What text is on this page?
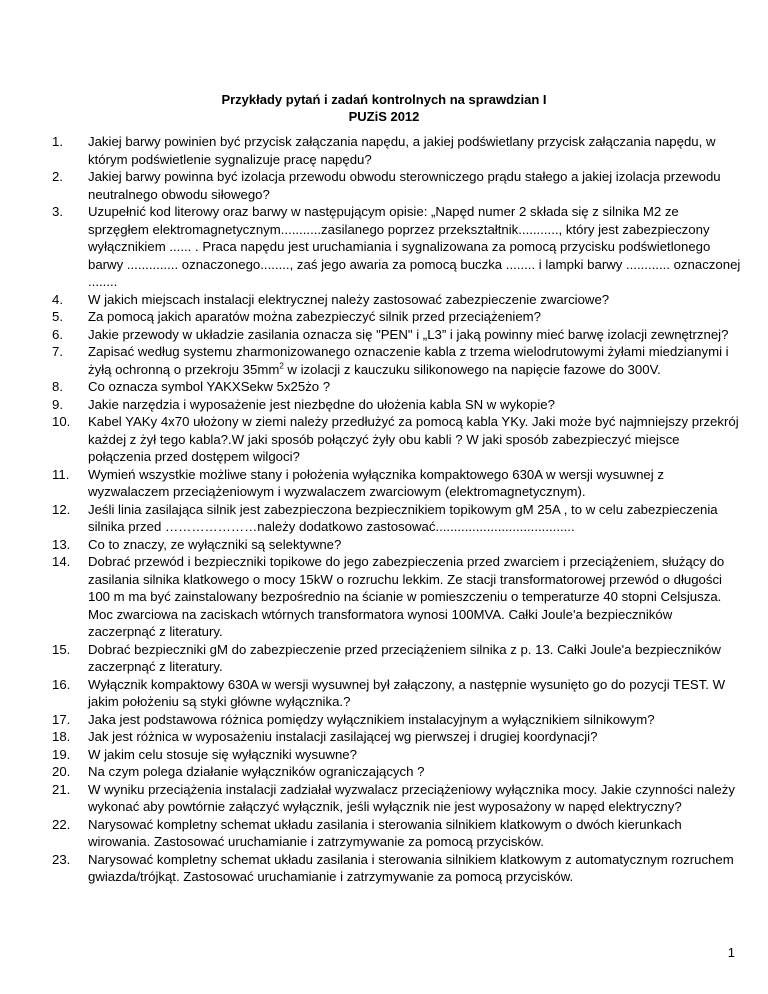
Przykłady pytań i zadań kontrolnych na sprawdzian I
PUZiS 2012
1.	Jakiej barwy powinien być przycisk załączania napędu, a jakiej podświetlany przycisk załączania napędu, w którym podświetlenie sygnalizuje pracę napędu?
2.	Jakiej barwy powinna być izolacja przewodu obwodu sterowniczego prądu stałego a jakiej izolacja przewodu neutralnego obwodu siłowego?
3.	Uzupełnić kod literowy oraz barwy w następującym opisie: „Napęd numer 2 składa się z silnika M2 ze sprzęgłem elektromagnetycznym...........zasilanego poprzez przekształtnik..........., który jest zabezpieczony wyłącznikiem ...... . Praca napędu jest uruchamiania i sygnalizowana za pomocą przycisku podświetlonego barwy .............. oznaczonego........, zaś jego awaria za pomocą buczka ........ i lampki barwy ............ oznaczonej ........
4.	W jakich miejscach instalacji elektrycznej należy zastosować zabezpieczenie zwarciowe?
5.	Za pomocą jakich aparatów można zabezpieczyć silnik przed przeciążeniem?
6.	Jakie przewody w układzie zasilania oznacza się "PEN" i „L3” i jaką powinny mieć barwę izolacji zewnętrznej?
7.	Zapisać według systemu zharmonizowanego oznaczenie kabla z trzema wielodrutowymi żyłami miedzianymi i żyłą ochronną o przekroju $35mm^2$ w izolacji z kauczuku silikonowego na napięcie fazowe do 300V.
8.	Co oznacza symbol YAKXSekw 5x25żo ?
9.	Jakie narzędzia i wyposażenie jest niezbędne do ułożenia kabla SN w wykopie?
10.	Kabel YAKy 4x70 ułożony w ziemi należy przedłużyć za pomocą kabla YKy. Jaki może być najmniejszy przekrój każdej z żył tego kabla?.W jaki sposób połączyć żyły obu kabli ? W jaki sposób zabezpieczyć miejsce połączenia przed dostępem wilgoci?
11.	Wymień wszystkie możliwe stany i położenia wyłącznika kompaktowego 630A w wersji wysuwnej z wyzwalaczem przeciążeniowym i wyzwalaczem zwarciowym (elektromagnetycznym).
12.	Jeśli linia zasilająca silnik jest zabezpieczona bezpiecznikiem topikowym gM 25A , to w celu zabezpieczenia silnika przed …………………należy dodatkowo zastosować......................................
13.	Co to znaczy, ze wyłączniki są selektywne?
14.	Dobrać przewód i bezpieczniki topikowe do jego zabezpieczenia przed zwarciem i przeciążeniem, służący do zasilania silnika klatkowego o mocy 15kW o rozruchu lekkim. Ze stacji transformatorowej przewód o długości 100 m ma być zainstalowany bezpośrednio na ścianie w pomieszczeniu o temperaturze 40 stopni Celsjusza. Moc zwarciowa na zaciskach wtórnych transformatora wynosi 100MVA. Całki Joule'a bezpieczników zaczerpnąć z literatury.
15.	Dobrać bezpieczniki gM do zabezpieczenie przed przeciążeniem silnika z p. 13. Całki Joule'a bezpieczników zaczerpnąć z literatury.
16.	Wyłącznik kompaktowy 630A w wersji wysuwnej był załączony, a następnie wysunięto go do pozycji TEST. W jakim położeniu są styki główne wyłącznika.?
17.	Jaka jest podstawowa różnica pomiędzy wyłącznikiem instalacyjnym a wyłącznikiem silnikowym?
18.	Jak jest różnica w wyposażeniu instalacji zasilającej wg pierwszej i drugiej koordynacji?
19.	W jakim celu stosuje się wyłączniki wysuwne?
20.	Na czym polega działanie wyłączników ograniczających ?
21.	W wyniku przeciążenia instalacji zadziałał wyzwalacz przeciążeniowy wyłącznika mocy. Jakie czynności należy wykonać aby powtórnie załączyć wyłącznik, jeśli wyłącznik nie jest wyposażony w napęd elektryczny?
22.	Narysować kompletny schemat układu zasilania i sterowania silnikiem klatkowym o dwóch kierunkach wirowania. Zastosować uruchamianie i zatrzymywanie za pomocą przycisków.
23.	Narysować kompletny schemat układu zasilania i sterowania silnikiem klatkowym z automatycznym rozruchem gwiazda/trójkąt. Zastosować uruchamianie i zatrzymywanie za pomocą przycisków.
1
